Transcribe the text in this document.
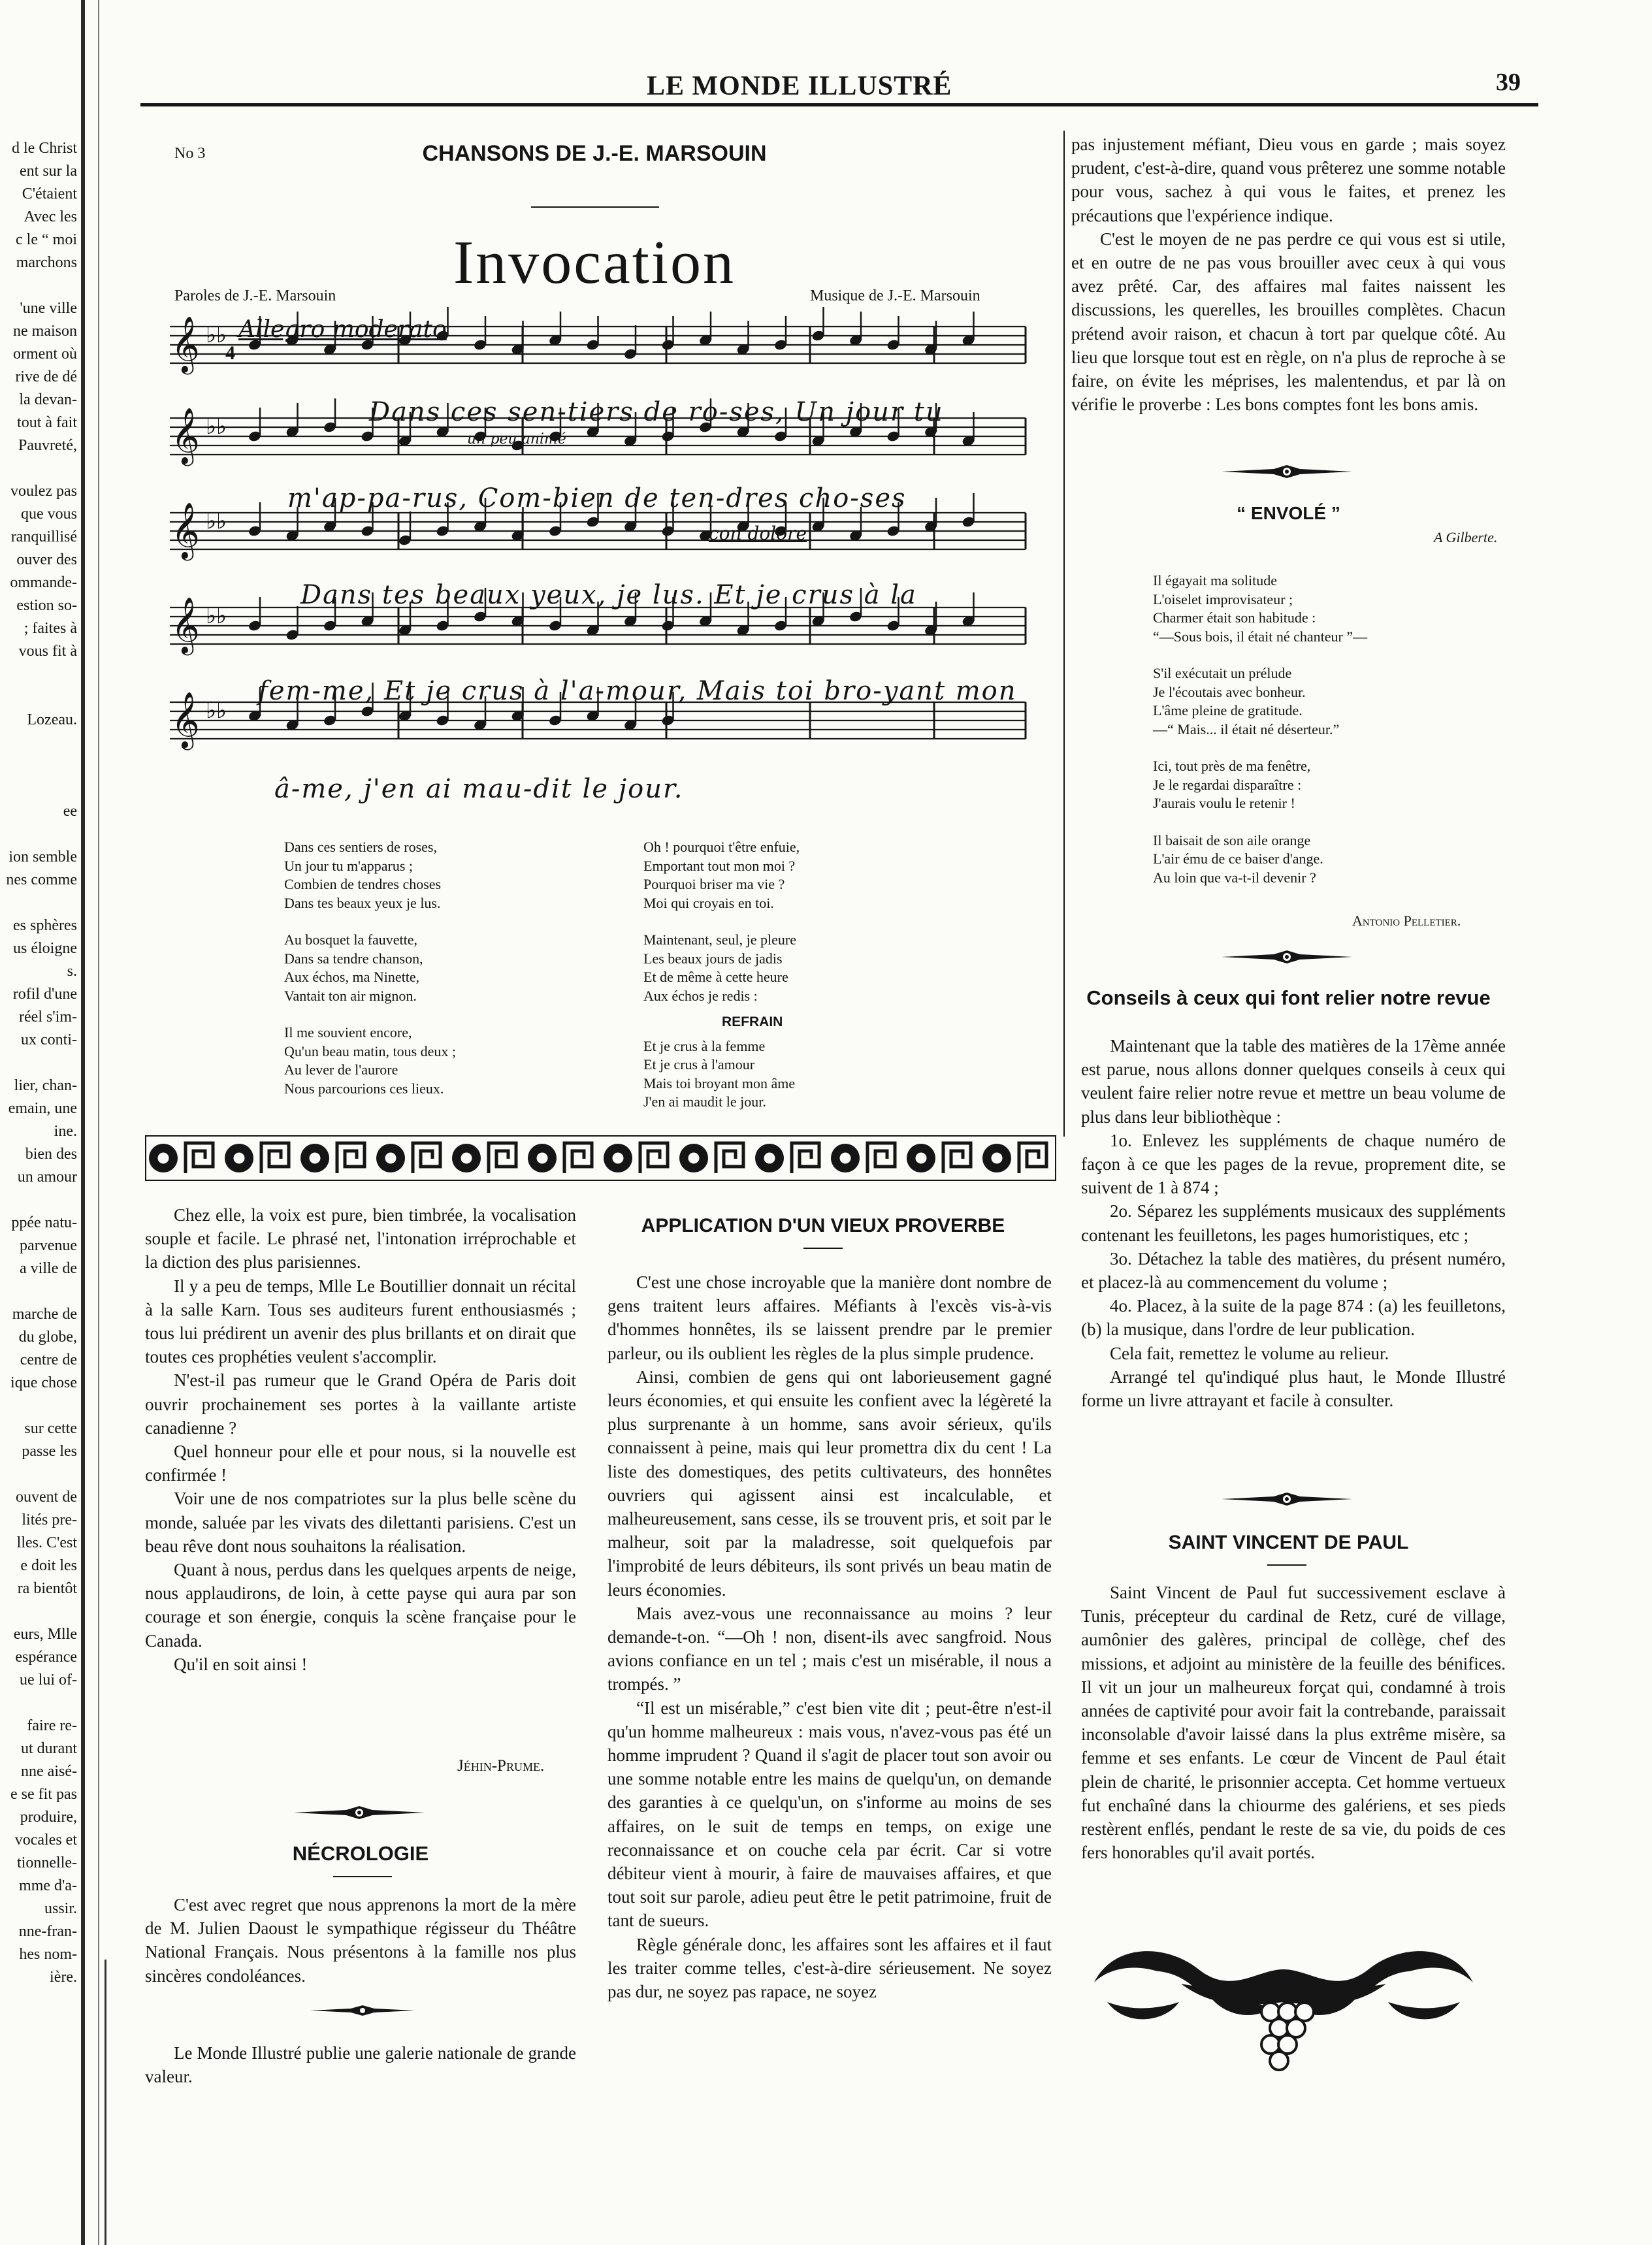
d le Christ
ent sur la
C'étaient
Avec les
c le “ moi
marchons

'une ville
ne maison
orment où
rive de dé
la devan-
tout à fait
Pauvreté,

voulez pas
que vous
ranquillisé
ouver des
ommande-
estion so-
; faites à
vous fit à

Lozeau.

ee

ion semble
nes comme

es sphères
us éloigne
s.
rofil d'une
réel s'im-
ux conti-

lier, chan-
emain, une
ine.
bien des
un amour

ppée natu-
parvenue
a ville de

marche de
du globe,
centre de
ique chose

sur cette
passe les

ouvent de
lités pre-
lles. C'est
e doit les
ra bientôt

eurs, Mlle
espérance
ue lui of-

faire re-
ut durant
nne aisé-
e se fit pas
produire,
vocales et
tionnelle-
mme d'a-
ussir.
nne-fran-
hes nom-
ière.
LE MONDE ILLUSTRÉ	39
No 3	CHANSONS DE J.-E. MARSOUIN
Invocation
Paroles de J.-E. Marsouin	Musique de J.-E. Marsouin
𝄞 ♭♭
𝄞 ♭♭
𝄞 ♭♭
𝄞 ♭♭
𝄞 ♭♭
4
Allegro moderato
un peu animé
con dolore
Dans ces sen-tiers de ro-ses, Un jour tu
m'ap-pa-rus, Com-bien de ten-dres cho-ses
Dans tes beaux yeux, je lus. Et je crus à la
fem-me, Et je crus à l'a-mour, Mais toi bro-yant mon
â-me, j'en ai mau-dit le jour.
Dans ces sentiers de roses,
Un jour tu m'apparus ;
Combien de tendres choses
Dans tes beaux yeux je lus.
Au bosquet la fauvette,
Dans sa tendre chanson,
Aux échos, ma Ninette,
Vantait ton air mignon.
Il me souvient encore,
Qu'un beau matin, tous deux ;
Au lever de l'aurore
Nous parcourions ces lieux.
Oh ! pourquoi t'être enfuie,
Emportant tout mon moi ?
Pourquoi briser ma vie ?
Moi qui croyais en toi.
Maintenant, seul, je pleure
Les beaux jours de jadis
Et de même à cette heure
Aux échos je redis :
REFRAIN
Et je crus à la femme
Et je crus à l'amour
Mais toi broyant mon âme
J'en ai maudit le jour.

Chez elle, la voix est pure, bien timbrée, la vocalisation souple et facile. Le phrasé net, l'intonation irréprochable et la diction des plus parisiennes.

Il y a peu de temps, Mlle Le Boutillier donnait un récital à la salle Karn. Tous ses auditeurs furent enthousiasmés ; tous lui prédirent un avenir des plus brillants et on dirait que toutes ces prophéties veulent s'accomplir.

N'est-il pas rumeur que le Grand Opéra de Paris doit ouvrir prochainement ses portes à la vaillante artiste canadienne ?

Quel honneur pour elle et pour nous, si la nouvelle est confirmée !

Voir une de nos compatriotes sur la plus belle scène du monde, saluée par les vivats des dilettanti parisiens. C'est un beau rêve dont nous souhaitons la réalisation.

Quant à nous, perdus dans les quelques arpents de neige, nous applaudirons, de loin, à cette payse qui aura par son courage et son énergie, conquis la scène française pour le Canada.

Qu'il en soit ainsi !

Jéhin-Prume.
NÉCROLOGIE

C'est avec regret que nous apprenons la mort de la mère de M. Julien Daoust le sympathique régisseur du Théâtre National Français. Nous présentons à la famille nos plus sincères condoléances.

Le Monde Illustré publie une galerie nationale de grande valeur.

APPLICATION D'UN VIEUX PROVERBE

C'est une chose incroyable que la manière dont nombre de gens traitent leurs affaires. Méfiants à l'excès vis-à-vis d'hommes honnêtes, ils se laissent prendre par le premier parleur, ou ils oublient les règles de la plus simple prudence.

Ainsi, combien de gens qui ont laborieusement gagné leurs économies, et qui ensuite les confient avec la légèreté la plus surprenante à un homme, sans avoir sérieux, qu'ils connaissent à peine, mais qui leur promettra dix du cent ! La liste des domestiques, des petits cultivateurs, des honnêtes ouvriers qui agissent ainsi est incalculable, et malheureusement, sans cesse, ils se trouvent pris, et soit par le malheur, soit par la maladresse, soit quelquefois par l'improbité de leurs débiteurs, ils sont privés un beau matin de leurs économies.

Mais avez-vous une reconnaissance au moins ? leur demande-t-on. “—Oh ! non, disent-ils avec sangfroid. Nous avions confiance en un tel ; mais c'est un misérable, il nous a trompés. ”

“Il est un misérable,” c'est bien vite dit ; peut-être n'est-il qu'un homme malheureux : mais vous, n'avez-vous pas été un homme imprudent ? Quand il s'agit de placer tout son avoir ou une somme notable entre les mains de quelqu'un, on demande des garanties à ce quelqu'un, on s'informe au moins de ses affaires, on le suit de temps en temps, on exige une reconnaissance et on couche cela par écrit. Car si votre débiteur vient à mourir, à faire de mauvaises affaires, et que tout soit sur parole, adieu peut être le petit patrimoine, fruit de tant de sueurs.

Règle générale donc, les affaires sont les affaires et il faut les traiter comme telles, c'est-à-dire sérieusement. Ne soyez pas dur, ne soyez pas rapace, ne soyez

pas injustement méfiant, Dieu vous en garde ; mais soyez prudent, c'est-à-dire, quand vous prêterez une somme notable pour vous, sachez à qui vous le faites, et prenez les précautions que l'expérience indique.

C'est le moyen de ne pas perdre ce qui vous est si utile, et en outre de ne pas vous brouiller avec ceux à qui vous avez prêté. Car, des affaires mal faites naissent les discussions, les querelles, les brouilles complètes. Chacun prétend avoir raison, et chacun à tort par quelque côté. Au lieu que lorsque tout est en règle, on n'a plus de reproche à se faire, on évite les méprises, les malentendus, et par là on vérifie le proverbe : Les bons comptes font les bons amis.

“ ENVOLÉ ”
A Gilberte.
Il égayait ma solitude
L'oiselet improvisateur ;
Charmer était son habitude :
“—Sous bois, il était né chanteur ”—
S'il exécutait un prélude
Je l'écoutais avec bonheur.
L'âme pleine de gratitude.
—“ Mais... il était né déserteur.”
Ici, tout près de ma fenêtre,
Je le regardai disparaître :
J'aurais voulu le retenir !
Il baisait de son aile orange
L'air ému de ce baiser d'ange.
Au loin que va-t-il devenir ?
Antonio Pelletier.
Conseils à ceux qui font relier notre revue

Maintenant que la table des matières de la 17ème année est parue, nous allons donner quelques conseils à ceux qui veulent faire relier notre revue et mettre un beau volume de plus dans leur bibliothèque :

1o. Enlevez les suppléments de chaque numéro de façon à ce que les pages de la revue, proprement dite, se suivent de 1 à 874 ;

2o. Séparez les suppléments musicaux des suppléments contenant les feuilletons, les pages humoristiques, etc ;

3o. Détachez la table des matières, du présent numéro, et placez-là au commencement du volume ;

4o. Placez, à la suite de la page 874 : (a) les feuilletons, (b) la musique, dans l'ordre de leur publication.

Cela fait, remettez le volume au relieur.

Arrangé tel qu'indiqué plus haut, le Monde Illustré forme un livre attrayant et facile à consulter.

SAINT VINCENT DE PAUL

Saint Vincent de Paul fut successivement esclave à Tunis, précepteur du cardinal de Retz, curé de village, aumônier des galères, principal de collège, chef des missions, et adjoint au ministère de la feuille des bénifices. Il vit un jour un malheureux forçat qui, condamné à trois années de captivité pour avoir fait la contrebande, paraissait inconsolable d'avoir laissé dans la plus extrême misère, sa femme et ses enfants. Le cœur de Vincent de Paul était plein de charité, le prisonnier accepta. Cet homme vertueux fut enchaîné dans la chiourme des galériens, et ses pieds restèrent enflés, pendant le reste de sa vie, du poids de ces fers honorables qu'il avait portés.
